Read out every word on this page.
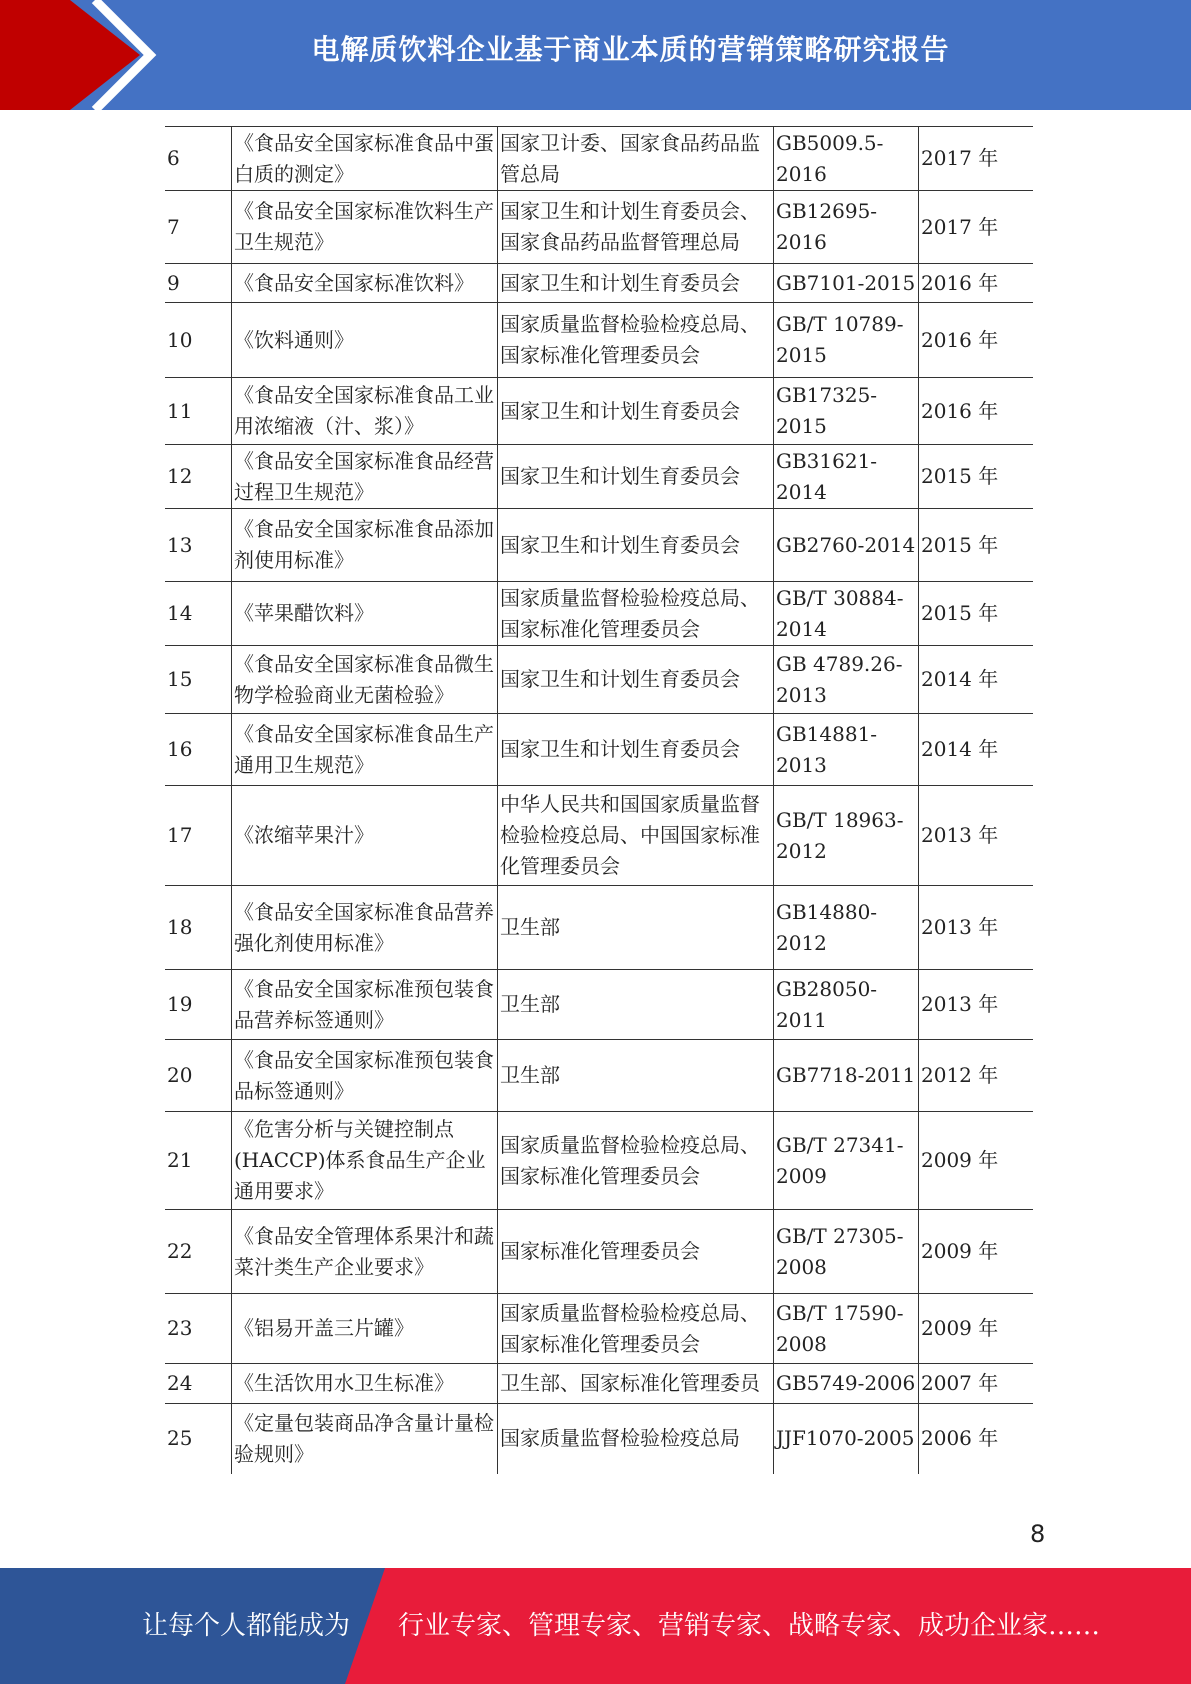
电解质饮料企业基于商业本质的营销策略研究报告
6	《食品安全国家标准食品中蛋白质的测定》	国家卫计委、国家食品药品监管总局	GB5009.5-2016	2017 年
7	《食品安全国家标准饮料生产卫生规范》	国家卫生和计划生育委员会、国家食品药品监督管理总局	GB12695-2016	2017 年
9	《食品安全国家标准饮料》	国家卫生和计划生育委员会	GB7101-2015	2016 年
10	《饮料通则》	国家质量监督检验检疫总局、国家标准化管理委员会	GB/T 10789-2015	2016 年
11	《食品安全国家标准食品工业用浓缩液（汁、浆）》	国家卫生和计划生育委员会	GB17325-2015	2016 年
12	《食品安全国家标准食品经营过程卫生规范》	国家卫生和计划生育委员会	GB31621-2014	2015 年
13	《食品安全国家标准食品添加剂使用标准》	国家卫生和计划生育委员会	GB2760-2014	2015 年
14	《苹果醋饮料》	国家质量监督检验检疫总局、国家标准化管理委员会	GB/T 30884-2014	2015 年
15	《食品安全国家标准食品微生物学检验商业无菌检验》	国家卫生和计划生育委员会	GB 4789.26-2013	2014 年
16	《食品安全国家标准食品生产通用卫生规范》	国家卫生和计划生育委员会	GB14881-2013	2014 年
17	《浓缩苹果汁》	中华人民共和国国家质量监督检验检疫总局、中国国家标准化管理委员会	GB/T 18963-2012	2013 年
18	《食品安全国家标准食品营养强化剂使用标准》	卫生部	GB14880-2012	2013 年
19	《食品安全国家标准预包装食品营养标签通则》	卫生部	GB28050-2011	2013 年
20	《食品安全国家标准预包装食品标签通则》	卫生部	GB7718-2011	2012 年
21	《危害分析与关键控制点(HACCP)体系食品生产企业通用要求》	国家质量监督检验检疫总局、国家标准化管理委员会	GB/T 27341-2009	2009 年
22	《食品安全管理体系果汁和蔬菜汁类生产企业要求》	国家标准化管理委员会	GB/T 27305-2008	2009 年
23	《铝易开盖三片罐》	国家质量监督检验检疫总局、国家标准化管理委员会	GB/T 17590-2008	2009 年
24	《生活饮用水卫生标准》	卫生部、国家标准化管理委员	GB5749-2006	2007 年
25	《定量包装商品净含量计量检验规则》	国家质量监督检验检疫总局	JJF1070-2005	2006 年
8
让每个人都能成为 行业专家、管理专家、营销专家、战略专家、成功企业家……
